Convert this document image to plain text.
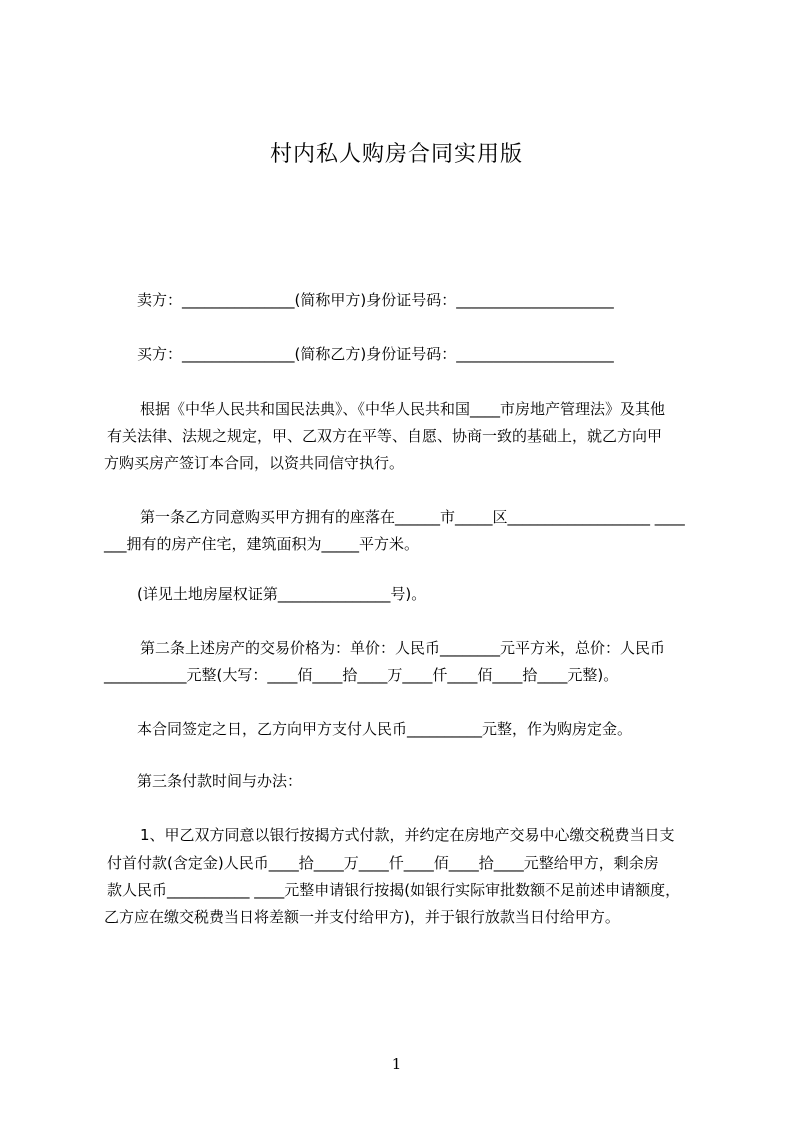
村内私人购房合同实用版
卖方：_______________(简称甲方)身份证号码：_____________________
买方：_______________(简称乙方)身份证号码：_____________________
根据《中华人民共和国民法典》、《中华人民共和国____市房地产管理法》及其他
有关法律、法规之规定，甲、乙双方在平等、自愿、协商一致的基础上，就乙方向甲
方购买房产签订本合同，以资共同信守执行。
第一条乙方同意购买甲方拥有的座落在______市_____区___________________ ____
___拥有的房产住宅，建筑面积为_____平方米。
(详见土地房屋权证第_______________号)。
第二条上述房产的交易价格为：单价：人民币________元平方米，总价：人民币
___________元整(大写：____佰____拾____万____仟____佰____拾____元整)。
本合同签定之日，乙方向甲方支付人民币__________元整，作为购房定金。
第三条付款时间与办法：
1、甲乙双方同意以银行按揭方式付款，并约定在房地产交易中心缴交税费当日支
付首付款(含定金)人民币____拾____万____仟____佰____拾____元整给甲方，剩余房
款人民币___________ ____元整申请银行按揭(如银行实际审批数额不足前述申请额度，
乙方应在缴交税费当日将差额一并支付给甲方)，并于银行放款当日付给甲方。
1
